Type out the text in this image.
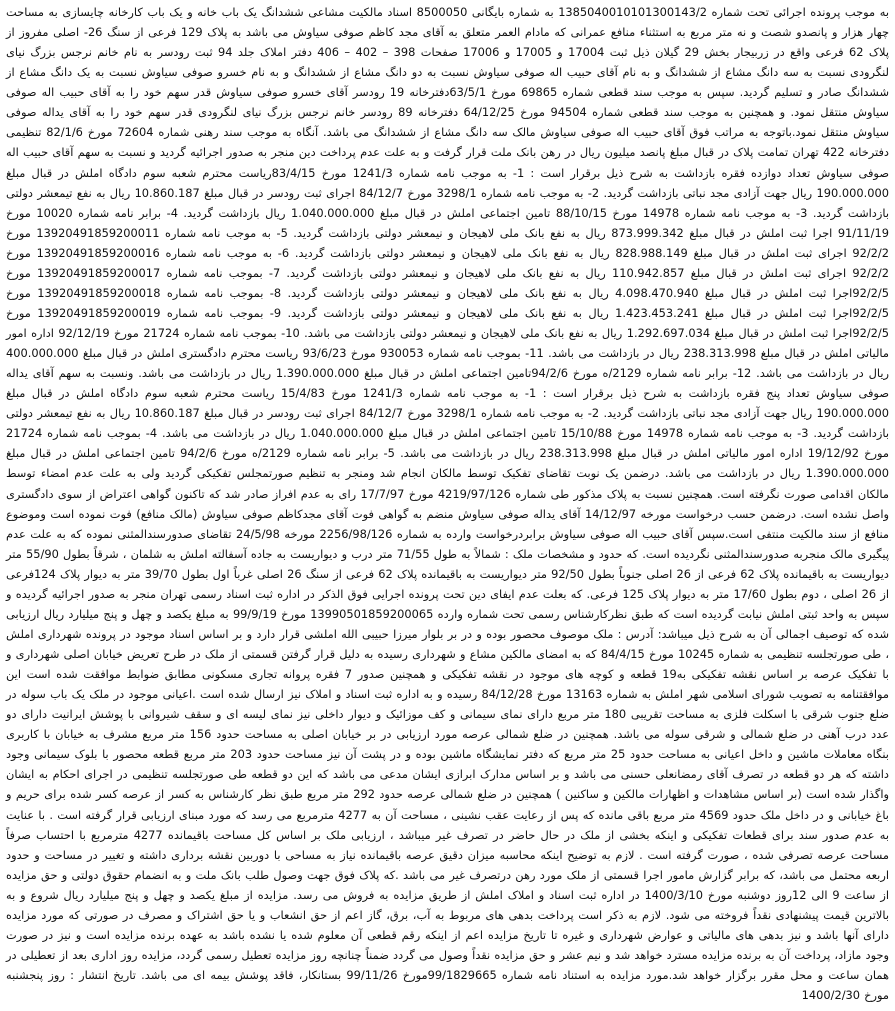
به موجب پرونده اجرائی تحت شماره 1385040010101300143/2 به شماره بایگانی 8500050 اسناد مالکیت مشاعی ششدانگ یک باب خانه و یک باب کارخانه چایسازی به مساحت چهار هزار و پانصدو شصت و نه متر مربع به استثناء منافع عمرانی که مادام العمر متعلق به آقای مجد کاظم صوفی سیاوش می باشد به پلاک 129 فرعی از سنگ 26- اصلی مفروز از پلاک 62 فرعی واقع در زربیجار بخش 29 گیلان ذیل ثبت 17004 و 17005 و 17006 صفحات 398 – 402 – 406 دفتر املاک جلد 94 ثبت رودسر به نام خانم نرجس بزرگ نیای لنگرودی نسبت به سه دانگ مشاع از ششدانگ و به نام آقای حبیب اله صوفی سیاوش نسبت به دو دانگ مشاع از ششدانگ و به نام خسرو صوفی سیاوش نسبت به یک دانگ مشاع از ششدانگ صادر و تسلیم گردید. سپس به موجب سند قطعی شماره 69865 مورخ 63/5/1دفترخانه 19 رودسر آقای خسرو صوفی سیاوش قدر سهم خود را به آقای حبیب اله صوفی سیاوش منتقل نمود. و همچنین به موجب سند قطعی شماره 94504 مورخ 64/12/25 دفترخانه 89 رودسر خانم نرجس بزرگ نیای لنگرودی قدر سهم خود را به آقای یداله صوفی سیاوش منتقل نمود.باتوجه به مراتب فوق آقای حبیب اله صوفی سیاوش مالک سه دانگ مشاع از ششدانگ می باشد. آنگاه به موجب سند رهنی شماره 72604 مورخ 82/1/6 تنظیمی دفترخانه 422 تهران تمامت پلاک در قبال مبلغ پانصد میلیون ریال در رهن بانک ملت قرار گرفت و به علت عدم پرداخت دین منجر به صدور اجرائیه گردید و نسبت به سهم آقای حبیب اله صوفی سیاوش تعداد دوازده فقره بازداشت به شرح ذیل برقرار است : 1- به موجب نامه شماره 1241/3 مورخ 83/4/15ریاست محترم شعبه سوم دادگاه املش در قبال مبلغ 190.000.000 ریال جهت آزادی مجد نباتی بازداشت گردید. 2- به موجب نامه شماره 3298/1 مورخ 84/12/7 اجرای ثبت رودسر در قبال مبلغ 10.860.187 ریال به نفع تیمعشر دولتی بازداشت گردید. 3- به موجب نامه شماره 14978 مورخ 88/10/15 تامین اجتماعی املش در قبال مبلغ 1.040.000.000 ریال بازداشت گردید. 4- برابر نامه شماره 10020 مورخ 91/11/19 اجرا ثبت املش در قبال مبلغ 873.999.342 ریال به نفع بانک ملی لاهیجان و نیمعشر دولتی بازداشت گردید. 5- به موجب نامه شماره 13920491859200011 مورخ 92/2/2 اجرای ثبت املش در قبال مبلغ 828.988.149 ریال به نفع بانک ملی لاهیجان و نیمعشر دولتی بازداشت گردید. 6- به موجب نامه شماره 13920491859200016 مورخ 92/2/2 اجرای ثبت املش در قبال مبلغ 110.942.857 ریال به نفع بانک ملی لاهیجان و نیمعشر دولتی بازداشت گردید. 7- بموجب نامه شماره 13920491859200017 مورخ 92/2/5اجرا ثبت املش در قبال مبلغ 4.098.470.940 ریال به نفع بانک ملی لاهیجان و نیمعشر دولتی بازداشت گردید. 8- بموجب نامه شماره 13920491859200018 مورخ 92/2/5اجرا ثبت املش در قبال مبلغ 1.423.453.241 ریال به نفع بانک ملی لاهیجان و نیمعشر دولتی بازداشت گردید. 9- بموجب نامه شماره 13920491859200019 مورخ 92/2/5اجرا ثبت املش در قبال مبلغ 1.292.697.034 ریال به نفع بانک ملی لاهیجان و نیمعشر دولتی بازداشت می باشد. 10- بموجب نامه شماره 21724 مورخ 92/12/19 اداره امور مالیاتی املش در قبال مبلغ 238.313.998 ریال در بازداشت می باشد. 11- بموجب نامه شماره 930053 مورخ 93/6/23 ریاست محترم دادگستری املش در قبال مبلغ 400.000.000 ریال در بازداشت می باشد. 12- برابر نامه شماره 2129/ه مورخ 94/2/6تامین اجتماعی املش در قبال مبلغ 1.390.000.000 ریال در بازداشت می باشد. ونسبت به سهم آقای یداله صوفی سیاوش تعداد پنج فقره بازداشت به شرح ذیل برقرار است : 1- به موجب نامه شماره 1241/3 مورخ 15/4/83 ریاست محترم شعبه سوم دادگاه املش در قبال مبلغ 190.000.000 ریال جهت آزادی مجد نباتی بازداشت گردید. 2- به موجب نامه شماره 3298/1 مورخ 84/12/7 اجرای ثبت رودسر در قبال مبلغ 10.860.187 ریال به نفع تیمعشر دولتی بازداشت گردید. 3- به موجب نامه شماره 14978 مورخ 15/10/88 تامین اجتماعی املش در قبال مبلغ 1.040.000.000 ریال در بازداشت می باشد. 4- بموجب نامه شماره 21724 مورخ 19/12/92 اداره امور مالیاتی املش در قبال مبلغ 238.313.998 ریال در بازداشت می باشد. 5- برابر نامه شماره 2129/ه مورخ 94/2/6 تامین اجتماعی املش در قبال مبلغ 1.390.000.000 ریال در بازداشت می باشد. درضمن یک نوبت تقاضای تفکیک توسط مالکان انجام شد ومنجر به تنظیم صورتمجلس تفکیکی گردید ولی به علت عدم امضاء توسط مالکان اقدامی صورت نگرفته است. همچنین نسبت به پلاک مذکور طی شماره 4219/97/126 مورخ 17/7/97 رای به عدم افراز صادر شد که تاکنون گواهی اعتراض از سوی دادگستری واصل نشده است. درضمن حسب درخواست مورخه 14/12/97 آقای یداله صوفی سیاوش منضم به گواهی فوت آقای مجدکاظم صوفی سیاوش (مالک منافع) فوت نموده است وموضوع منافع از سند مالکیت منتفی است.سپس آقای حبیب اله صوفی سیاوش برابردرخواست وارده به شماره 2256/98/126 مورخه 24/5/98 تقاضای صدورسندالمثنی نموده که به علت عدم پیگیری مالک منجربه صدورسندالمثنی نگردیده است. که حدود و مشخصات ملک : شمالاً به طول 71/55 متر درب و دیواریست به جاده آسفالته املش به شلمان ، شرقاً بطول 55/90 متر دیواریست به باقیمانده پلاک 62 فرعی از 26 اصلی جنوباً بطول 92/50 متر دیواریست به باقیمانده پلاک 62 فرعی از سنگ 26 اصلی غرباً اول بطول 39/70 متر به دیوار پلاک 124فرعی از 26 اصلی ، دوم بطول 17/60 متر به دیوار پلاک 125 فرعی. که بعلت عدم ایفای دین تحت پرونده اجرایی فوق الذکر در اداره ثبت اسناد رسمی تهران منجر به صدور اجرائیه گردیده و سپس به واحد ثبتی املش نیابت گردیده است که طبق نظرکارشناس رسمی تحت شماره وارده 13990501859200065 مورخ 99/9/19 به مبلغ یکصد و چهل و پنج میلیارد ریال ارزیابی شده که توصیف اجمالی آن به شرح ذیل میباشد: آدرس : ملک موصوف محصور بوده و در بر بلوار میرزا حبیبی الله املشی قرار دارد و بر اساس اسناد موجود در پرونده شهرداری املش ، طی صورتجلسه تنظیمی به شماره 10245 مورخ 84/4/15 که به امضای مالکین مشاع و شهرداری رسیده به دلیل قرار گرفتن قسمتی از ملک در طرح تعریض خیابان اصلی شهرداری و با تفکیک عرصه بر اساس نقشه تفکیکی به19 قطعه و کوچه های موجود در نقشه تفکیکی و همچنین صدور 7 فقره پروانه تجاری مسکونی مطابق ضوابط موافقت شده است این موافقتنامه به تصویب شورای اسلامی شهر املش به شماره 13163 مورخ 84/12/28 رسیده و به اداره ثبت اسناد و املاک نیز ارسال شده است .اعیانی موجود در ملک یک باب سوله در ضلع جنوب شرقی با اسکلت فلزی به مساحت تقریبی 180 متر مربع دارای نمای سیمانی و کف موزائیک و دیوار داخلی نیز نمای لیسه ای و سقف شیروانی با پوشش ایرانیت دارای دو عدد درب آهنی در ضلع شمالی و شرقی سوله می باشد. همچنین در ضلع شمالی عرصه مورد ارزیابی در بر خیابان اصلی به مساحت حدود 156 متر مربع مشرف به خیابان با کاربری بنگاه معاملات ماشین و داخل اعیانی به مساحت حدود 25 متر مربع که دفتر نمایشگاه ماشین بوده و در پشت آن نیز مساحت حدود 203 متر مربع قطعه محصور با بلوک سیمانی وجود داشته که هر دو قطعه در تصرف آقای رمضانعلی حسنی می باشد و بر اساس مدارک ابرازی ایشان مدعی می باشد که این دو قطعه طی صورتجلسه تنظیمی در اجرای احکام به ایشان واگذار شده است (بر اساس مشاهدات و اظهارات مالکین و ساکنین ) همچنین در ضلع شمالی عرصه حدود 292 متر مربع طبق نظر کارشناس به کسر از عرصه کسر شده برای حریم و باغ خیابانی و در داخل ملک حدود 4569 متر مربع باقی مانده که پس از رعایت عقب نشینی ، مساحت آن به 4277 مترمربع می رسد که مورد مبنای ارزیابی قرار گرفته است . با عنایت به عدم صدور سند برای قطعات تفکیکی و اینکه بخشی از ملک در حال حاضر در تصرف غیر میباشد ، ارزیابی ملک بر اساس کل مساحت باقیمانده 4277 مترمربع با احتساب صرفاً مساحت عرصه تصرفی شده ، صورت گرفته است . لازم به توضیح اینکه محاسبه میزان دقیق عرصه باقیمانده نیاز به مساحی با دوربین نقشه برداری داشته و تغییر در مساحت و حدود اربعه محتمل می باشد، که برابر گزارش مامور اجرا قسمتی از ملک مورد رهن درتصرف غیر می باشد .که پلاک فوق جهت وصول طلب بانک ملت و به انضمام حقوق دولتی و حق مزایده از ساعت 9 الی 12روز دوشنبه مورخ 1400/3/10 در اداره ثبت اسناد و املاک املش از طریق مزایده به فروش می رسد. مزایده از مبلغ یکصد و چهل و پنج میلیارد ریال شروع و به بالاترین قیمت پیشنهادی نقداً فروخته می شود. لازم به ذکر است پرداخت بدهی های مربوط به آب، برق، گاز اعم از حق انشعاب و یا حق اشتراک و مصرف در صورتی که مورد مزایده دارای آنها باشد و نیز بدهی های مالیاتی و عوارض شهرداری و غیره تا تاریخ مزایده اعم از اینکه رقم قطعی آن معلوم شده یا نشده باشد به عهده برنده مزایده است و نیز در صورت وجود مازاد، پرداخت آن به برنده مزایده مسترد خواهد شد و نیم عشر و حق مزایده نقداً وصول می گردد ضمناً چنانچه روز مزایده تعطیل رسمی گردد، مزایده روز اداری بعد از تعطیلی در همان ساعت و محل مقرر برگزار خواهد شد.مورد مزایده به استناد نامه شماره 99/1829665مورخ 99/11/26 بستانکار، فاقد پوشش بیمه ای می باشد. تاریخ انتشار : روز پنجشنبه مورخ 1400/2/30
